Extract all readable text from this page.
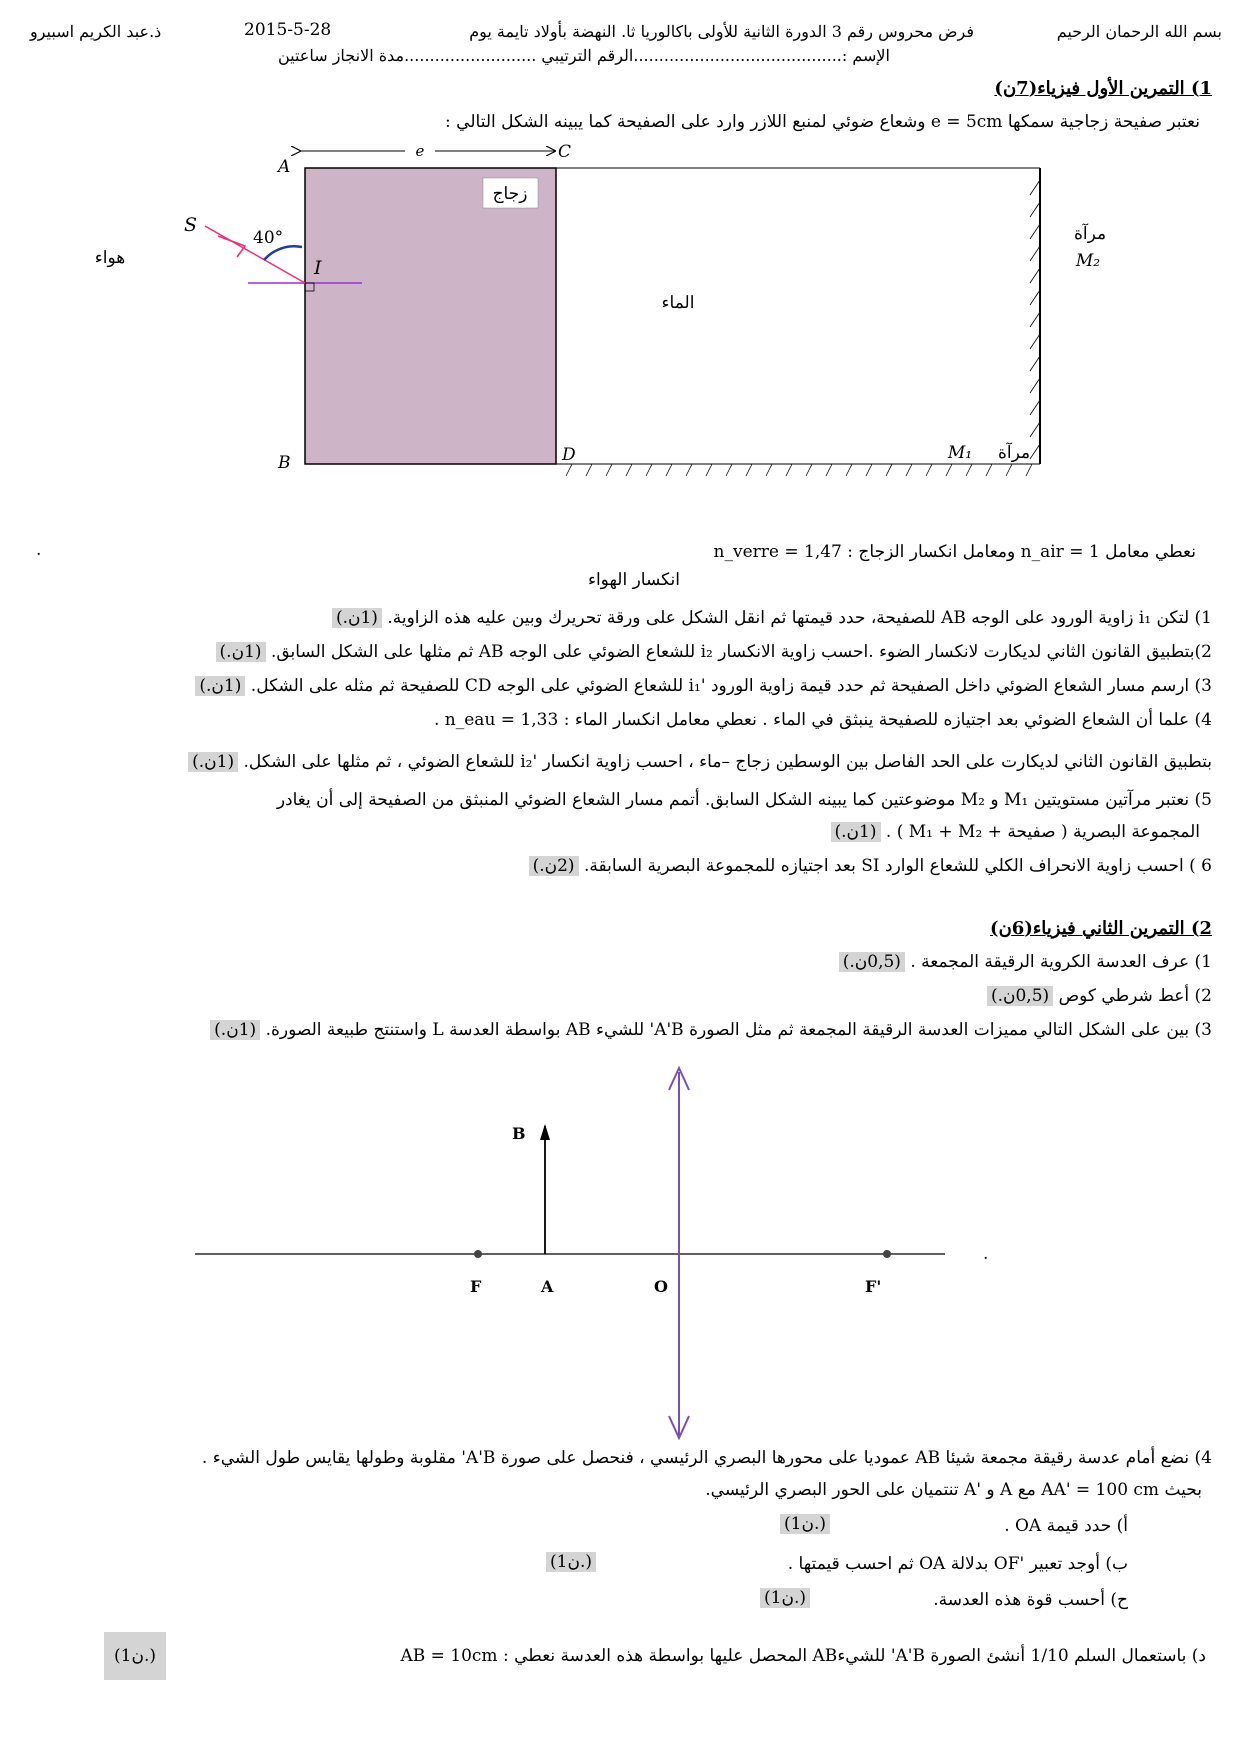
بسم الله الرحمان الرحيم
فرض محروس رقم 3 الدورة الثانية للأولى باكالوريا ثا. النهضة بأولاد تايمة يوم
2015-5-28
ذ.عبد الكريم اسبيرو
الإسم :.........................................الرقم الترتيبي ..........................مدة الانجاز ساعتين
1) التمرين الأول فيزياء(7ن)
نعتبر صفيحة زجاجية سمكها e = 5cm وشعاع ضوئي لمنبع اللازر وارد على الصفيحة كما يبينه الشكل التالي :
e	C
A
زجاج
الماء
مرآة
M₂
مرآة
M₁
B	D
S
40°
I
هواء
نعطي معامل n_air = 1 ومعامل انكسار الزجاج : n_verre = 1,47
.
انكسار الهواء
1) لتكن i₁ زاوية الورود على الوجه AB للصفيحة، حدد قيمتها ثم انقل الشكل على ورقة تحريرك وبين عليه هذه الزاوية. (1ن.)
2)بتطبيق القانون الثاني لديكارت لانكسار الضوء .احسب زاوية الانكسار i₂ للشعاع الضوئي على الوجه AB ثم مثلها على الشكل السابق. (1ن.)
3) ارسم مسار الشعاع الضوئي داخل الصفيحة ثم حدد قيمة زاوية الورود 'i₁ للشعاع الضوئي على الوجه CD للصفيحة ثم مثله على الشكل. (1ن.)
4) علما أن الشعاع الضوئي بعد اجتيازه للصفيحة ينبثق في الماء . نعطي معامل انكسار الماء : n_eau = 1,33 .
بتطبيق القانون الثاني لديكارت على الحد الفاصل بين الوسطين زجاج –ماء ، احسب زاوية انكسار 'i₂ للشعاع الضوئي ، ثم مثلها على الشكل. (1ن.)
5) نعتبر مرآتين مستويتين M₁ و M₂ موضوعتين كما يبينه الشكل السابق. أتمم مسار الشعاع الضوئي المنبثق من الصفيحة إلى أن يغادر
المجموعة البصرية ( صفيحة + M₁ + M₂ ) . (1ن.)
6 ) احسب زاوية الانحراف الكلي للشعاع الوارد SI بعد اجتيازه للمجموعة البصرية السابقة. (2ن.)
2) التمرين الثاني فيزياء(6ن)
1) عرف العدسة الكروية الرقيقة المجمعة . (0,5ن.)
2) أعط شرطي كوص (0,5ن.)
3) بين على الشكل التالي مميزات العدسة الرقيقة المجمعة ثم مثل الصورة A'B' للشيء AB بواسطة العدسة L واستنتج طبيعة الصورة. (1ن.)
.
B
F	A	O	F'
4) نضع أمام عدسة رقيقة مجمعة شيئا AB عموديا على محورها البصري الرئيسي ، فنحصل على صورة A'B' مقلوبة وطولها يقايس طول الشيء .
بحيث AA' = 100 cm مع A و 'A تنتميان على الحور البصري الرئيسي.
أ) حدد قيمة OA .
(1ن.)
ب) أوجد تعبير 'OF بدلالة OA ثم احسب قيمتها .
(1ن.)
ح) أحسب قوة هذه العدسة.
(1ن.)
د) باستعمال السلم 1/10 أنشئ الصورة A'B' للشيءAB المحصل عليها بواسطة هذه العدسة نعطي : AB = 10cm
(1ن.)
